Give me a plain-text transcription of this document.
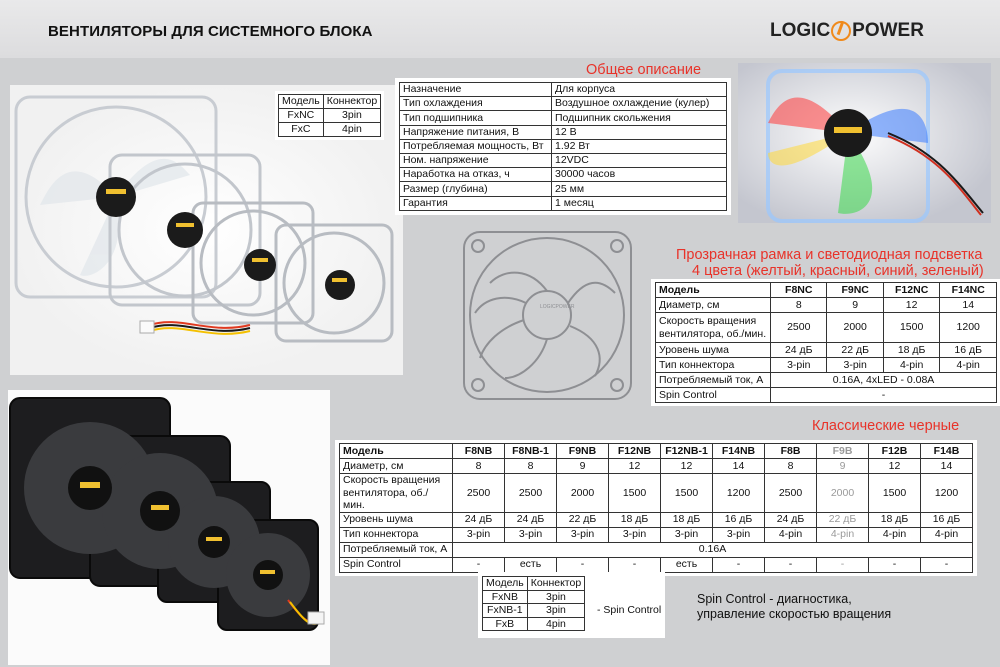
ВЕНТИЛЯТОРЫ ДЛЯ СИСТЕМНОГО БЛОКА	LOGIC POWER
Модель	Коннектор
FxNC	3pin
FxC	4pin
Общее описание
Назначение	Для корпуса
Тип охлаждения	Воздушное охлаждение (кулер)
Тип подшипника	Подшипник скольжения
Напряжение питания, В	12 В
Потребляемая мощность, Вт	1.92 Вт
Ном. напряжение	12VDC
Наработка на отказ, ч	30000 часов
Размер (глубина)	25 мм
Гарантия	1 месяц
LOGICPOWER
Прозрачная рамка и светодиодная подсветка
4 цвета (желтый, красный, синий, зеленый)
Модель	F8NC	F9NC	F12NC	F14NC
Диаметр, см	8	9	12	14
Скорость вращения вентилятора, об./мин.	2500	2000	1500	1200
Уровень шума	24 дБ	22 дБ	18 дБ	16 дБ
Тип коннектора	3-pin	3-pin	4-pin	4-pin
Потребляемый ток, А	0.16A, 4xLED - 0.08A			
Spin Control	-			
Классические черные
Модель	F8NB	F8NB-1	F9NB	F12NB	F12NB-1	F14NB	F8B	F9B	F12B	F14B
Диаметр, см	8	8	9	12	12	14	8	9	12	14
Скорость вращения вентилятора, об./мин.	2500	2500	2000	1500	1500	1200	2500	2000	1500	1200
Уровень шума	24 дБ	24 дБ	22 дБ	18 дБ	18 дБ	16 дБ	24 дБ	22 дБ	18 дБ	16 дБ
Тип коннектора	3-pin	3-pin	3-pin	3-pin	3-pin	3-pin	4-pin	4-pin	4-pin	4-pin
Потребляемый ток, А	0.16A									
Spin Control	-	есть	-	-	есть	-	-	-	-	-
Модель	Коннектор
FxNB	3pin
FxNB-1	3pin
FxB	4pin
- Spin Control
Spin Control - диагностика,
управление скоростью вращения
